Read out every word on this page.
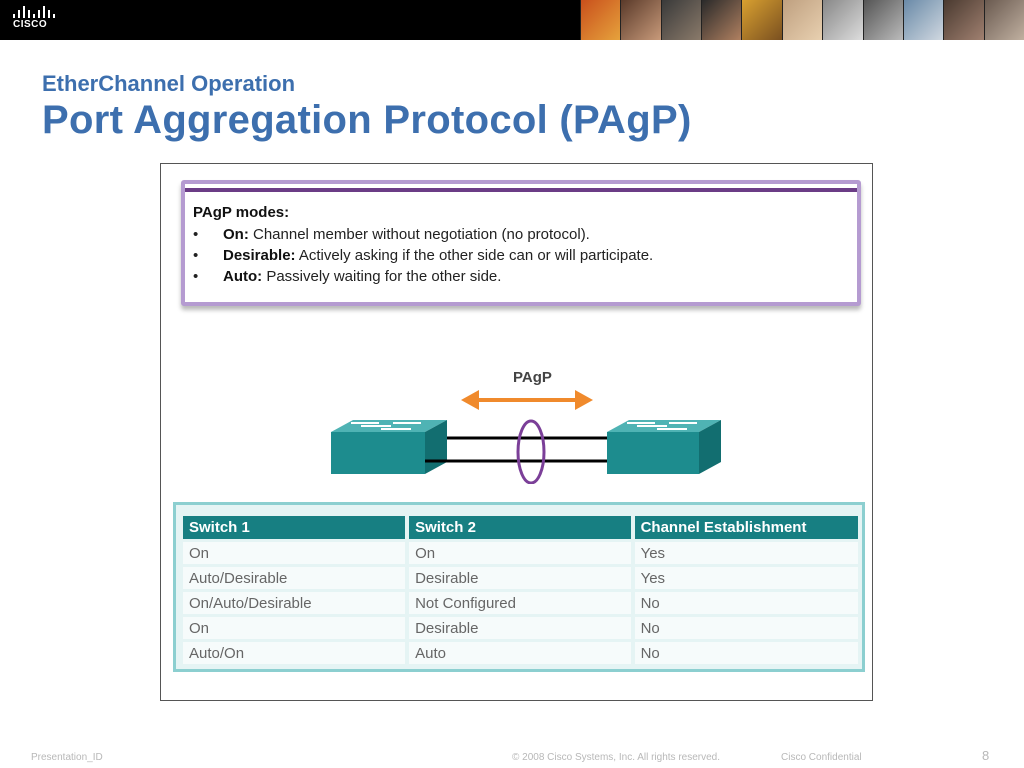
CISCO
EtherChannel Operation
Port Aggregation Protocol (PAgP)
PAgP modes:
• On: Channel member without negotiation (no protocol).
• Desirable: Actively asking if the other side can or will participate.
• Auto: Passively waiting for the other side.
PAgP
Switch 1	Switch 2	Channel Establishment
On	On	Yes
Auto/Desirable	Desirable	Yes
On/Auto/Desirable	Not Configured	No
On	Desirable	No
Auto/On	Auto	No
Presentation_ID	© 2008 Cisco Systems, Inc. All rights reserved.	Cisco Confidential	8
